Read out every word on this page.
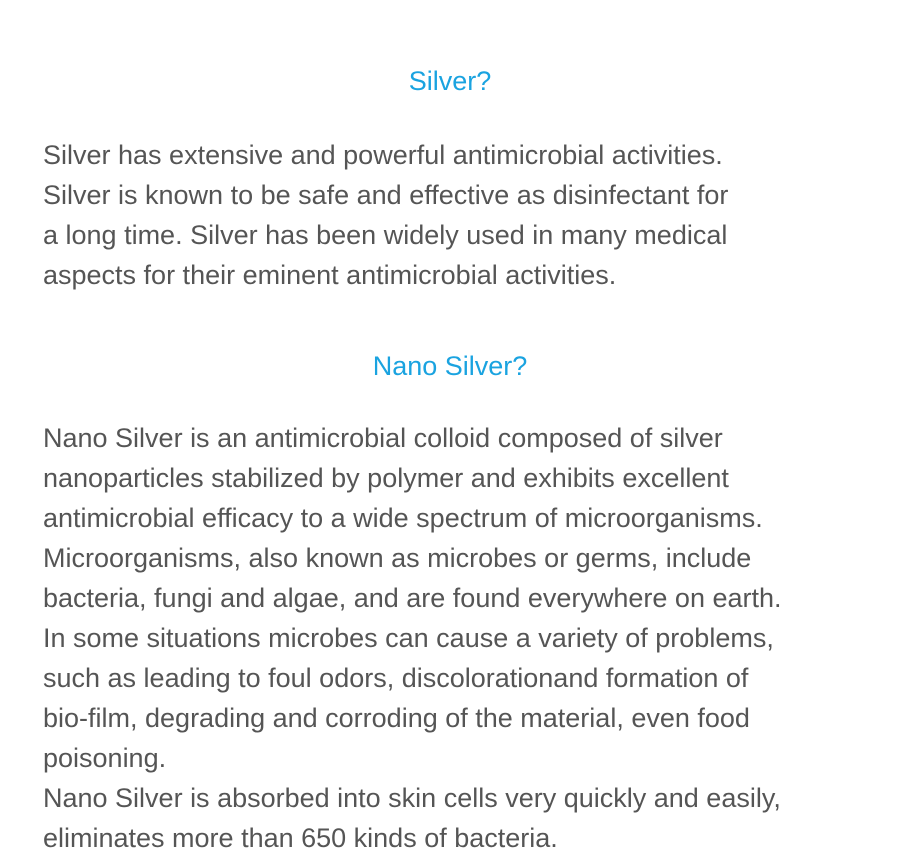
Silver?
Silver has extensive and powerful antimicrobial activities.
Silver is known to be safe and effective as disinfectant for
a long time. Silver has been widely used in many medical
aspects for their eminent antimicrobial activities.
Nano Silver?
Nano Silver is an antimicrobial colloid composed of silver
nanoparticles stabilized by polymer and exhibits excellent
antimicrobial efficacy to a wide spectrum of microorganisms.
Microorganisms, also known as microbes or germs, include
bacteria, fungi and algae, and are found everywhere on earth.
In some situations microbes can cause a variety of problems,
such as leading to foul odors, discolorationand formation of
bio-film, degrading and corroding of the material, even food
poisoning.
Nano Silver is absorbed into skin cells very quickly and easily,
eliminates more than 650 kinds of bacteria.
